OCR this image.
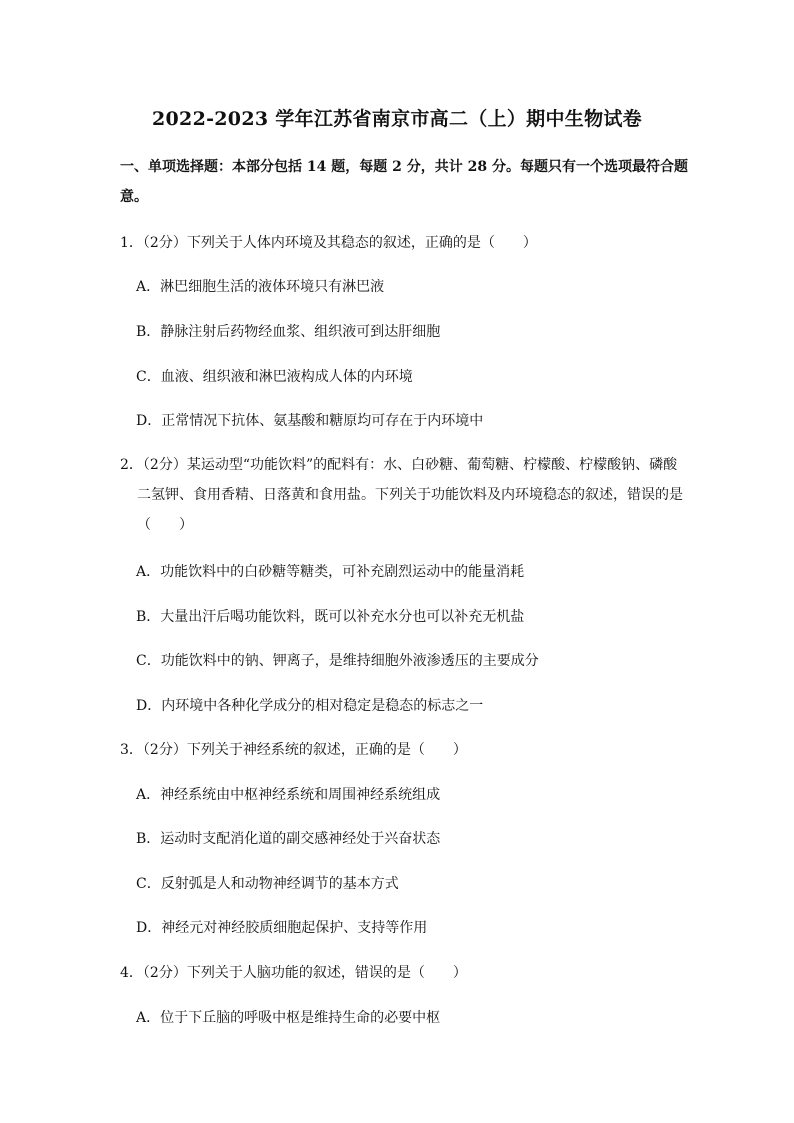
2022-2023 学年江苏省南京市高二（上）期中生物试卷
一、单项选择题：本部分包括 14 题，每题 2 分，共计 28 分。每题只有一个选项最符合题意。
1．（2分）下列关于人体内环境及其稳态的叙述，正确的是（　　）
A．淋巴细胞生活的液体环境只有淋巴液
B．静脉注射后药物经血浆、组织液可到达肝细胞
C．血液、组织液和淋巴液构成人体的内环境
D．正常情况下抗体、氨基酸和糖原均可存在于内环境中
2．（2分）某运动型“功能饮料”的配料有：水、白砂糖、葡萄糖、柠檬酸、柠檬酸钠、磷酸二氢钾、食用香精、日落黄和食用盐。下列关于功能饮料及内环境稳态的叙述，错误的是（　　）
A．功能饮料中的白砂糖等糖类，可补充剧烈运动中的能量消耗
B．大量出汗后喝功能饮料，既可以补充水分也可以补充无机盐
C．功能饮料中的钠、钾离子，是维持细胞外液渗透压的主要成分
D．内环境中各种化学成分的相对稳定是稳态的标志之一
3．（2分）下列关于神经系统的叙述，正确的是（　　）
A．神经系统由中枢神经系统和周围神经系统组成
B．运动时支配消化道的副交感神经处于兴奋状态
C．反射弧是人和动物神经调节的基本方式
D．神经元对神经胶质细胞起保护、支持等作用
4．（2分）下列关于人脑功能的叙述，错误的是（　　）
A．位于下丘脑的呼吸中枢是维持生命的必要中枢
